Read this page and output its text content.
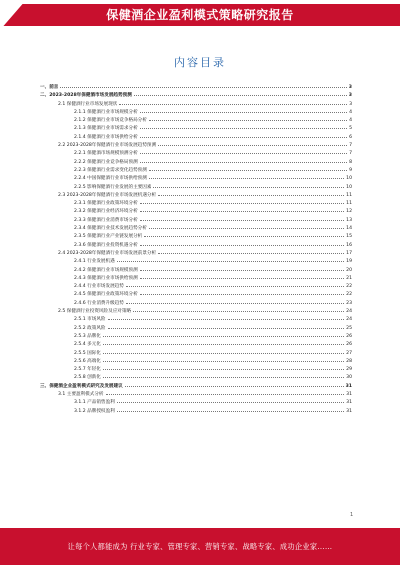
保健酒企业盈利模式策略研究报告
内容目录
一、前言	3
二、2023-2028年保健酒市场发展趋势预测	3
2.1 保健酒行业市场发展现状	3
2.1.1 保健酒行业市场规模分析	4
2.1.2 保健酒行业市场竞争格局分析	4
2.1.3 保健酒行业市场需求分析	5
2.1.4 保健酒行业市场供给分析	6
2.2 2023-2028年保健酒行业市场发展趋势预测	7
2.2.1 保健酒市场规模预测分析	7
2.2.2 保健酒行业竞争格局预测	8
2.2.3 保健酒行业需求变化趋势预测	9
2.2.4 中国保健酒行业市场供给预测	10
2.2.5 影响保健酒行业发展的主要因素	10
2.3 2023-2028年保健酒行业市场发展机遇分析	11
2.3.1 保健酒行业政策环境分析	11
2.3.2 保健酒行业经济环境分析	12
2.3.3 保健酒行业消费市场分析	13
2.3.4 保健酒行业技术发展趋势分析	14
2.3.5 保健酒行业产业链发展分析	15
2.3.6 保健酒行业投资机遇分析	16
2.4 2023-2028年保健酒行业市场发展前景分析	17
2.4.1 行业发展机遇	19
2.4.2 保健酒行业市场规模预测	20
2.4.3 保健酒行业市场供给预测	21
2.4.4 行业市场发展趋势	22
2.4.5 保健酒行业政策环境分析	22
2.4.6 行业消费升级趋势	23
2.5 保健酒行业投资风险及应对策略	24
2.5.1 市场风险	24
2.5.2 政策风险	25
2.5.3 品牌化	26
2.5.4 多元化	26
2.5.5 国际化	27
2.5.6 高端化	28
2.5.7 年轻化	29
2.5.8 创新化	30
三、保健酒企业盈利模式研究及发展建议	31
3.1 主要盈利模式分析	31
3.1.1 产品销售盈利	31
3.1.2 品牌授权盈利	31
1
让每个人都能成为 行业专家、管理专家、营销专家、战略专家、成功企业家……
